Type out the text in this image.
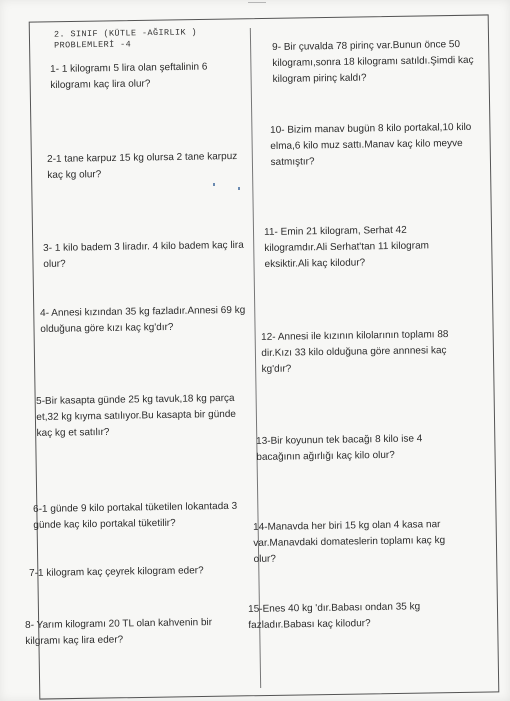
2. SINIF (KÜTLE -AĞIRLIK )
PROBLEMLERİ -4
1- 1 kilogramı 5 lira olan şeftalinin 6 kilogramı kaç lira olur?
2-1 tane karpuz 15 kg olursa 2 tane karpuz kaç kg olur?
3- 1 kilo badem 3 liradır. 4 kilo badem kaç lira olur?
4- Annesi kızından 35 kg fazladır.Annesi 69 kg olduğuna göre kızı kaç kg'dır?
5-Bir kasapta günde 25 kg tavuk,18 kg parça et,32 kg kıyma satılıyor.Bu kasapta bir günde kaç kg et satılır?
6-1 günde 9 kilo portakal tüketilen lokantada 3 günde kaç kilo portakal tüketilir?
7-1 kilogram kaç çeyrek kilogram eder?
8- Yarım kilogramı 20 TL olan kahvenin bir kilgramı kaç lira eder?
9- Bir çuvalda 78 pirinç var.Bunun önce 50 kilogramı,sonra 18 kilogramı satıldı.Şimdi kaç kilogram pirinç kaldı?
10- Bizim manav bugün 8 kilo portakal,10 kilo elma,6 kilo muz sattı.Manav kaç kilo meyve satmıştır?
11- Emin 21 kilogram, Serhat 42 kilogramdır.Ali Serhat'tan 11 kilogram eksiktir.Ali kaç kilodur?
12- Annesi ile kızının kilolarının toplamı 88 dir.Kızı 33 kilo olduğuna göre annnesi kaç kg'dır?
13-Bir koyunun tek bacağı 8 kilo ise 4 bacağının ağırlığı kaç kilo olur?
14-Manavda her biri 15 kg olan 4 kasa nar var.Manavdaki domateslerin toplamı kaç kg olur?
15-Enes 40 kg 'dır.Babası ondan 35 kg fazladır.Babası kaç kilodur?
